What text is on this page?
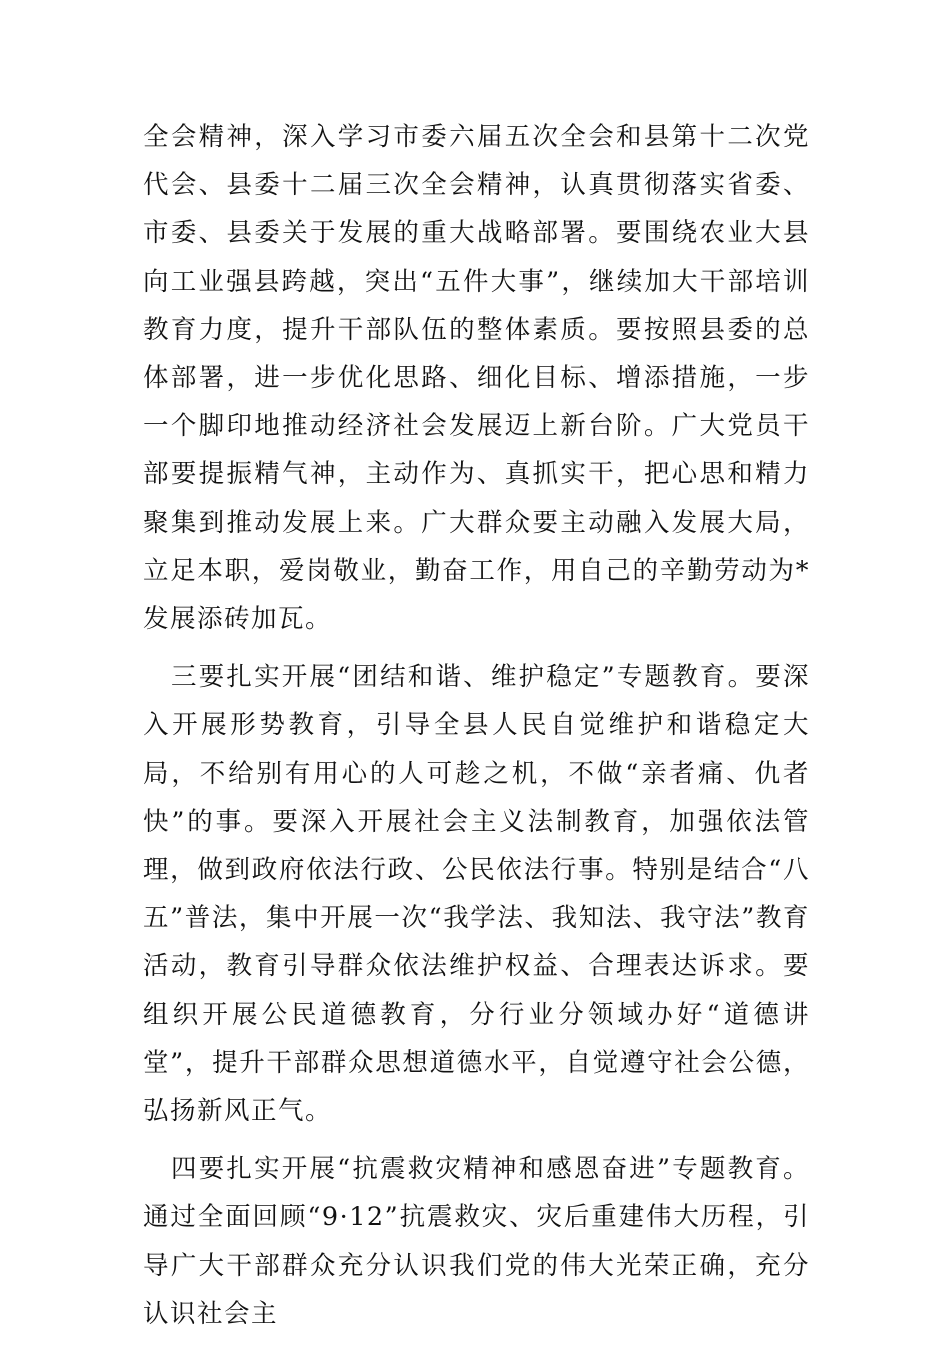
全会精神，深入学习市委六届五次全会和县第十二次党代会、县委十二届三次全会精神，认真贯彻落实省委、市委、县委关于发展的重大战略部署。要围绕农业大县向工业强县跨越，突出“五件大事”，继续加大干部培训教育力度，提升干部队伍的整体素质。要按照县委的总体部署，进一步优化思路、细化目标、增添措施，一步一个脚印地推动经济社会发展迈上新台阶。广大党员干部要提振精气神，主动作为、真抓实干，把心思和精力聚集到推动发展上来。广大群众要主动融入发展大局，立足本职，爱岗敬业，勤奋工作，用自己的辛勤劳动为*发展添砖加瓦。

三要扎实开展“团结和谐、维护稳定”专题教育。要深入开展形势教育，引导全县人民自觉维护和谐稳定大局，不给别有用心的人可趁之机，不做“亲者痛、仇者快”的事。要深入开展社会主义法制教育，加强依法管理，做到政府依法行政、公民依法行事。特别是结合“八五”普法，集中开展一次“我学法、我知法、我守法”教育活动，教育引导群众依法维护权益、合理表达诉求。要组织开展公民道德教育，分行业分领域办好“道德讲堂”，提升干部群众思想道德水平，自觉遵守社会公德，弘扬新风正气。

四要扎实开展“抗震救灾精神和感恩奋进”专题教育。通过全面回顾“9·12”抗震救灾、灾后重建伟大历程，引导广大干部群众充分认识我们党的伟大光荣正确，充分认识社会主
